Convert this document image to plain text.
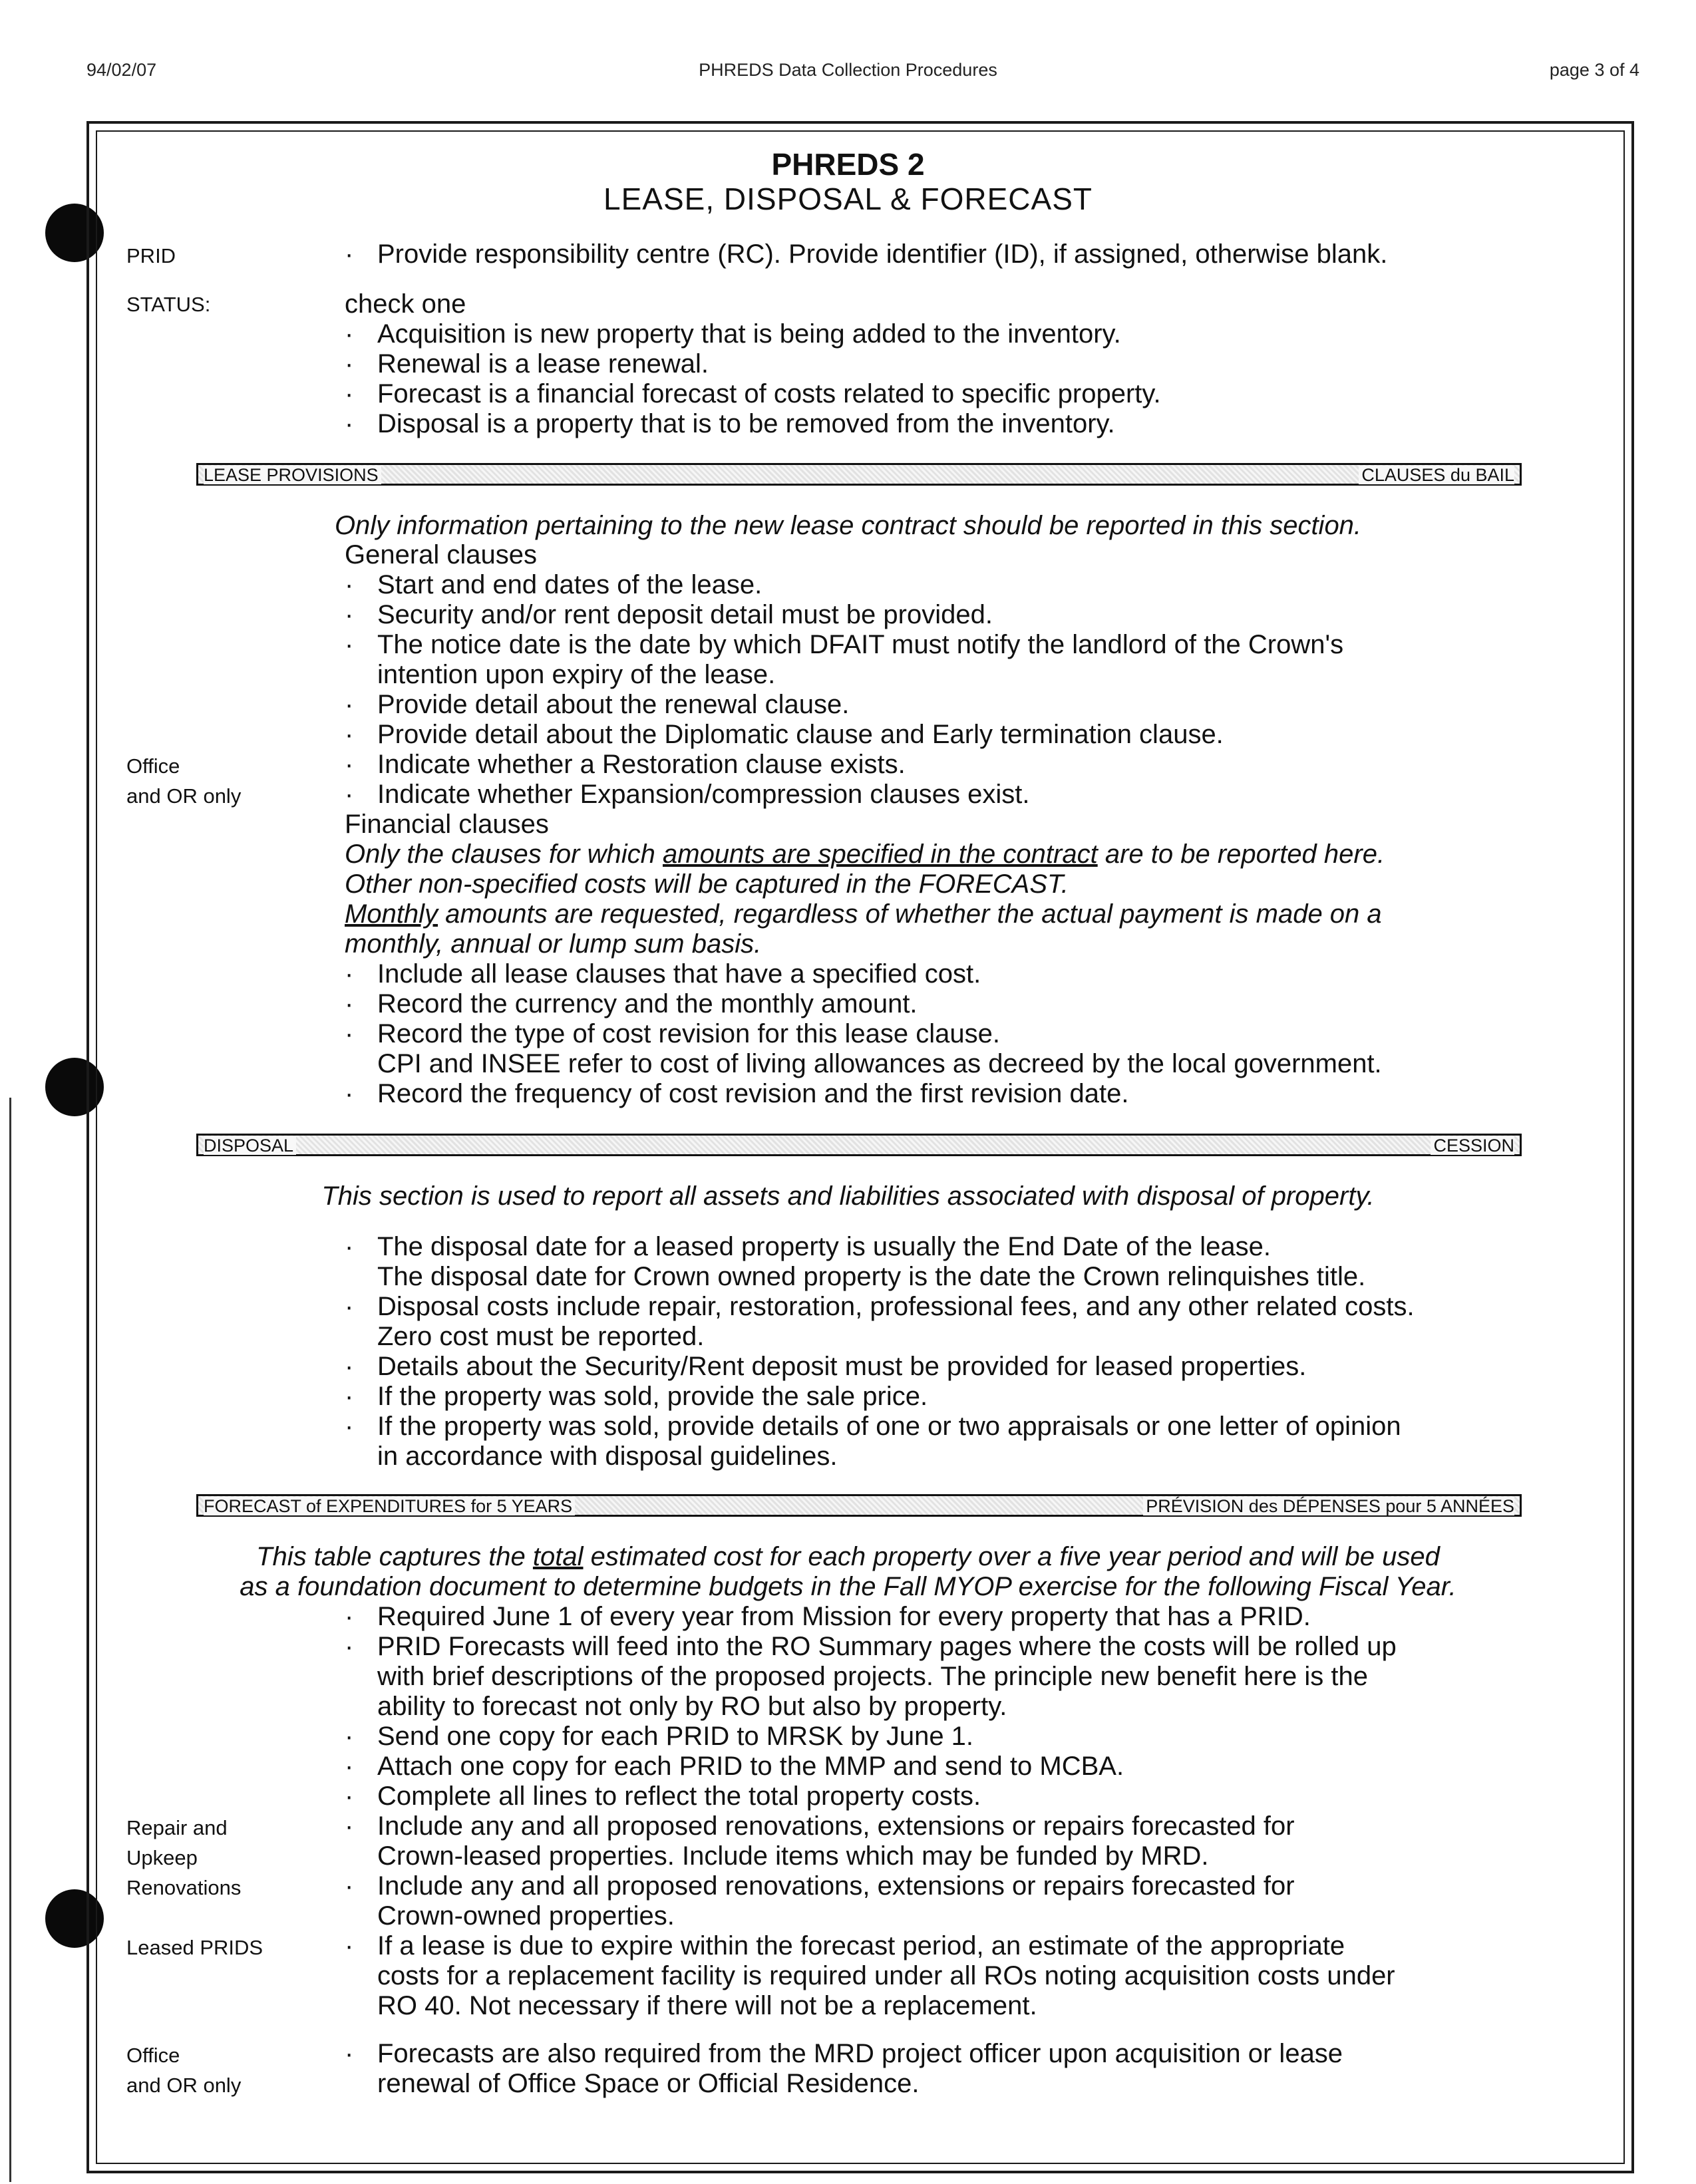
94/02/07	PHREDS Data Collection Procedures	page 3 of 4
PHREDS 2
LEASE, DISPOSAL & FORECAST
PRID	· Provide responsibility centre (RC). Provide identifier (ID), if assigned, otherwise blank.
STATUS:	check one
· Acquisition is new property that is being added to the inventory.
· Renewal is a lease renewal.
· Forecast is a financial forecast of costs related to specific property.
· Disposal is a property that is to be removed from the inventory.
LEASE PROVISIONS	CLAUSES du BAIL
Only information pertaining to the new lease contract should be reported in this section.
General clauses
· Start and end dates of the lease.
· Security and/or rent deposit detail must be provided.
· The notice date is the date by which DFAIT must notify the landlord of the Crown's
intention upon expiry of the lease.
· Provide detail about the renewal clause.
· Provide detail about the Diplomatic clause and Early termination clause.
Office	· Indicate whether a Restoration clause exists.
and OR only	· Indicate whether Expansion/compression clauses exist.
Financial clauses
Only the clauses for which amounts are specified in the contract are to be reported here.
Other non-specified costs will be captured in the FORECAST.
Monthly amounts are requested, regardless of whether the actual payment is made on a
monthly, annual or lump sum basis.
· Include all lease clauses that have a specified cost.
· Record the currency and the monthly amount.
· Record the type of cost revision for this lease clause.
CPI and INSEE refer to cost of living allowances as decreed by the local government.
· Record the frequency of cost revision and the first revision date.
DISPOSAL	CESSION
This section is used to report all assets and liabilities associated with disposal of property.
· The disposal date for a leased property is usually the End Date of the lease.
The disposal date for Crown owned property is the date the Crown relinquishes title.
· Disposal costs include repair, restoration, professional fees, and any other related costs.
Zero cost must be reported.
· Details about the Security/Rent deposit must be provided for leased properties.
· If the property was sold, provide the sale price.
· If the property was sold, provide details of one or two appraisals or one letter of opinion
in accordance with disposal guidelines.
FORECAST of EXPENDITURES for 5 YEARS	PRÉVISION des DÉPENSES pour 5 ANNÉES
This table captures the total estimated cost for each property over a five year period and will be used
as a foundation document to determine budgets in the Fall MYOP exercise for the following Fiscal Year.
· Required June 1 of every year from Mission for every property that has a PRID.
· PRID Forecasts will feed into the RO Summary pages where the costs will be rolled up
with brief descriptions of the proposed projects. The principle new benefit here is the
ability to forecast not only by RO but also by property.
· Send one copy for each PRID to MRSK by June 1.
· Attach one copy for each PRID to the MMP and send to MCBA.
· Complete all lines to reflect the total property costs.
Repair and	· Include any and all proposed renovations, extensions or repairs forecasted for
Upkeep	Crown-leased properties. Include items which may be funded by MRD.
Renovations	· Include any and all proposed renovations, extensions or repairs forecasted for
Crown-owned properties.
Leased PRIDS	· If a lease is due to expire within the forecast period, an estimate of the appropriate
costs for a replacement facility is required under all ROs noting acquisition costs under
RO 40. Not necessary if there will not be a replacement.
Office	· Forecasts are also required from the MRD project officer upon acquisition or lease
and OR only	renewal of Office Space or Official Residence.
